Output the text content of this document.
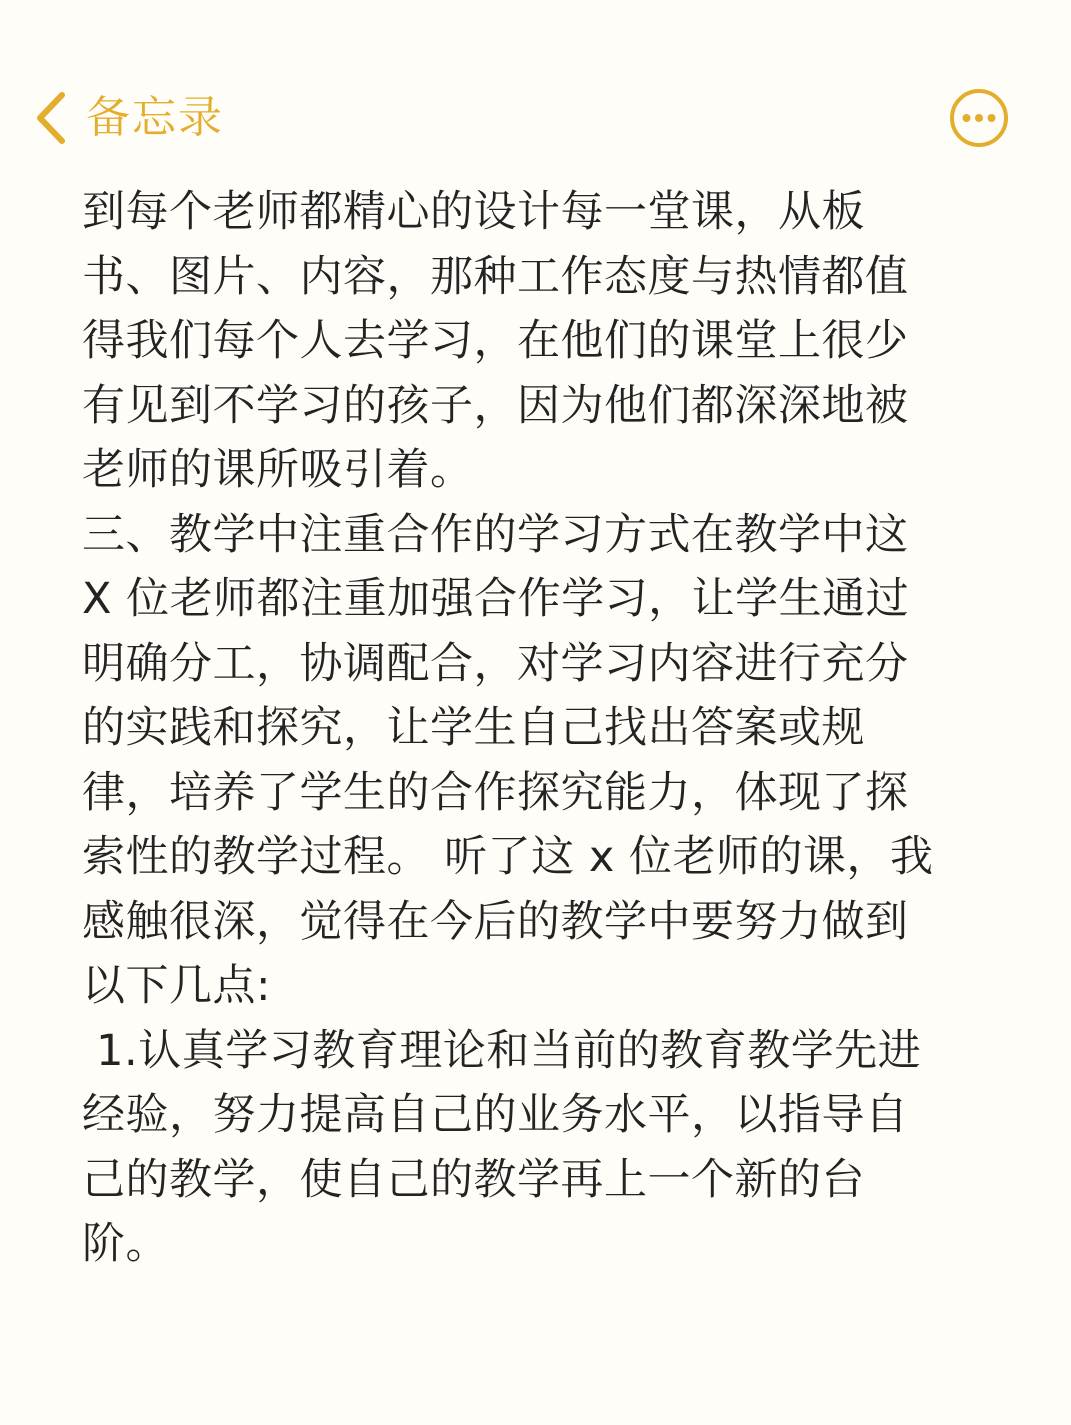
备忘录
到每个老师都精心的设计每一堂课，从板
书、图片、内容，那种工作态度与热情都值
得我们每个人去学习，在他们的课堂上很少
有见到不学习的孩子，因为他们都深深地被
老师的课所吸引着。
三、教学中注重合作的学习方式在教学中这
X 位老师都注重加强合作学习，让学生通过
明确分工，协调配合，对学习内容进行充分
的实践和探究，让学生自己找出答案或规
律，培养了学生的合作探究能力，体现了探
索性的教学过程。 听了这 x 位老师的课，我
感触很深，觉得在今后的教学中要努力做到
以下几点:
1.认真学习教育理论和当前的教育教学先进
经验，努力提高自己的业务水平，以指导自
己的教学，使自己的教学再上一个新的台
阶。
